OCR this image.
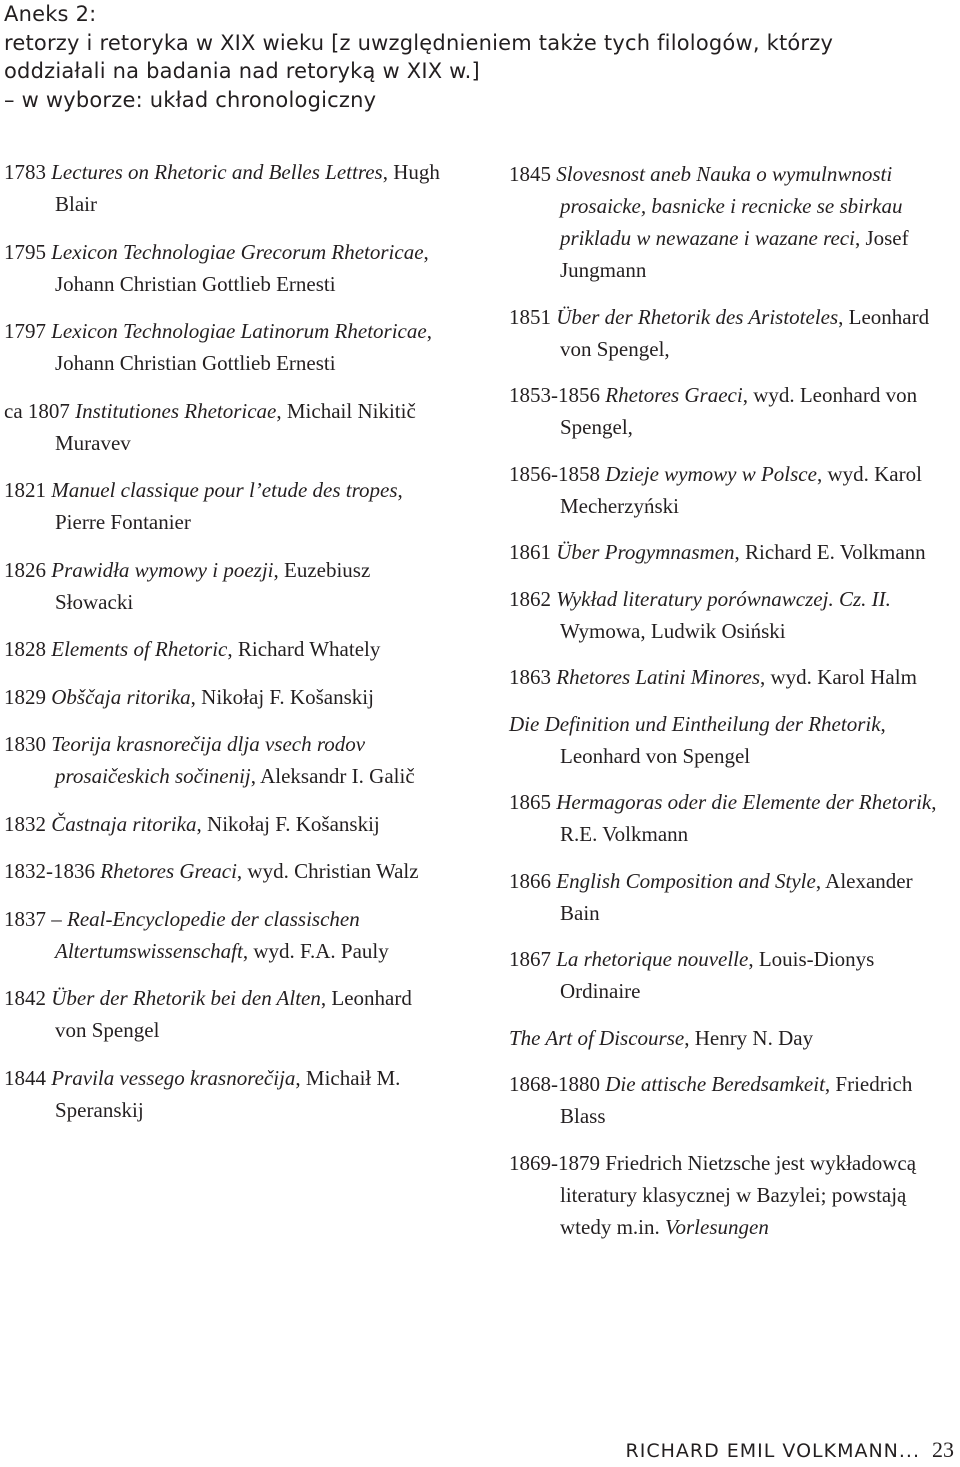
Aneks 2:
retorzy i retoryka w XIX wieku [z uwzględnieniem także tych filologów, którzy
oddziałali na badania nad retoryką w XIX w.]
– w wyborze: układ chronologiczny
1783 Lectures on Rhetoric and Belles Lettres, Hugh Blair
1795 Lexicon Technologiae Grecorum Rhetoricae, Johann Christian Gottlieb Ernesti
1797 Lexicon Technologiae Latinorum Rhetoricae, Johann Christian Gottlieb Ernesti
ca 1807 Institutiones Rhetoricae, Michail Nikitič Muravev
1821 Manuel classique pour l’etude des tropes, Pierre Fontanier
1826 Prawidła wymowy i poezji, Euzebiusz Słowacki
1828 Elements of Rhetoric, Richard Whately
1829 Obščaja ritorika, Nikołaj F. Košanskij
1830 Teorija krasnorečija dlja vsech rodov prosaičeskich sočinenij, Aleksandr I. Galič
1832 Častnaja ritorika, Nikołaj F. Košanskij
1832-1836 Rhetores Greaci, wyd. Christian Walz
1837 – Real-Encyclopedie der classischen Altertumswissenschaft, wyd. F.A. Pauly
1842 Über der Rhetorik bei den Alten, Leonhard von Spengel
1844 Pravila vessego krasnorečija, Michaił M. Speranskij
1845 Slovesnost aneb Nauka o wymulnwnosti prosaicke, basnicke i recnicke se sbirkau prikladu w newazane i wazane reci, Josef Jungmann
1851 Über der Rhetorik des Aristoteles, Leonhard von Spengel,
1853-1856 Rhetores Graeci, wyd. Leonhard von Spengel,
1856-1858 Dzieje wymowy w Polsce, wyd. Karol Mecherzyński
1861 Über Progymnasmen, Richard E. Volkmann
1862 Wykład literatury porównawczej. Cz. II. Wymowa, Ludwik Osiński
1863 Rhetores Latini Minores, wyd. Karol Halm
Die Definition und Eintheilung der Rhetorik, Leonhard von Spengel
1865 Hermagoras oder die Elemente der Rhetorik, R.E. Volkmann
1866 English Composition and Style, Alexander Bain
1867 La rhetorique nouvelle, Louis-Dionys Ordinaire
The Art of Discourse, Henry N. Day
1868-1880 Die attische Beredsamkeit, Friedrich Blass
1869-1879 Friedrich Nietzsche jest wykładowcą literatury klasycznej w Bazylei; powstają wtedy m.in. Vorlesungen
RICHARD EMIL VOLKMANN... 23
